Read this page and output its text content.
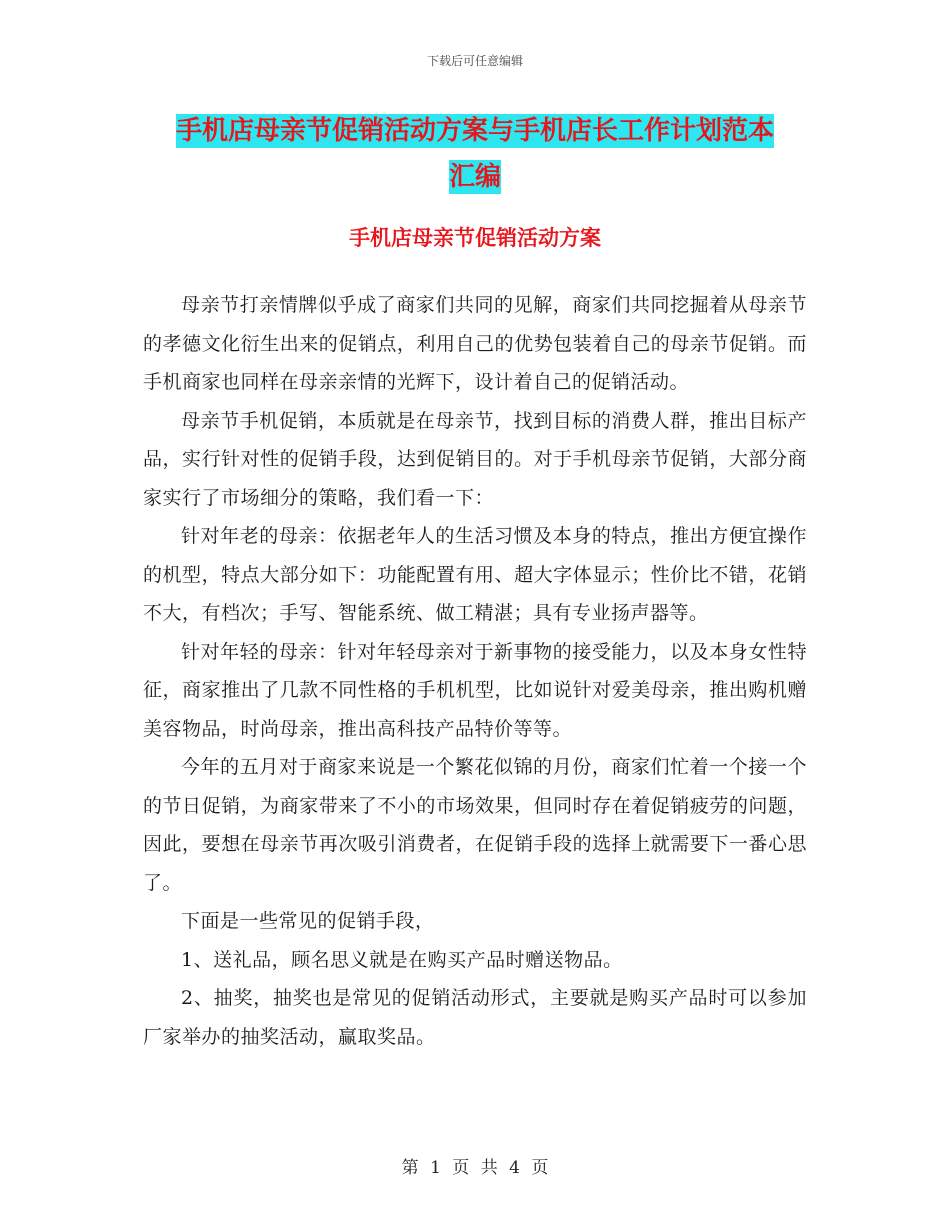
下载后可任意编辑
手机店母亲节促销活动方案与手机店长工作计划范本
汇编
手机店母亲节促销活动方案

母亲节打亲情牌似乎成了商家们共同的见解，商家们共同挖掘着从母亲节的孝德文化衍生出来的促销点，利用自己的优势包装着自己的母亲节促销。而手机商家也同样在母亲亲情的光辉下，设计着自己的促销活动。

母亲节手机促销，本质就是在母亲节，找到目标的消费人群，推出目标产品，实行针对性的促销手段，达到促销目的。对于手机母亲节促销，大部分商家实行了市场细分的策略，我们看一下：

针对年老的母亲：依据老年人的生活习惯及本身的特点，推出方便宜操作的机型，特点大部分如下：功能配置有用、超大字体显示；性价比不错，花销不大，有档次；手写、智能系统、做工精湛；具有专业扬声器等。

针对年轻的母亲：针对年轻母亲对于新事物的接受能力，以及本身女性特征，商家推出了几款不同性格的手机机型，比如说针对爱美母亲，推出购机赠美容物品，时尚母亲，推出高科技产品特价等等。

今年的五月对于商家来说是一个繁花似锦的月份，商家们忙着一个接一个的节日促销，为商家带来了不小的市场效果，但同时存在着促销疲劳的问题，因此，要想在母亲节再次吸引消费者，在促销手段的选择上就需要下一番心思了。

下面是一些常见的促销手段，

1、送礼品，顾名思义就是在购买产品时赠送物品。

2、抽奖，抽奖也是常见的促销活动形式，主要就是购买产品时可以参加厂家举办的抽奖活动，赢取奖品。

第 1 页 共 4 页
